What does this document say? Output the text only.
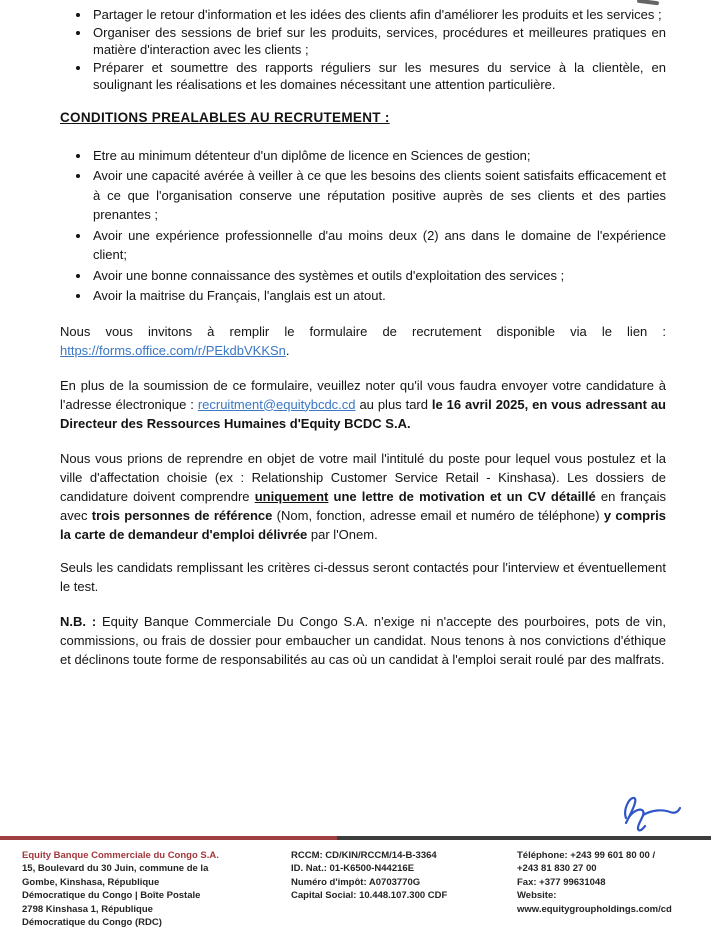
• Partager le retour d'information et les idées des clients afin d'améliorer les produits et les services ;
• Organiser des sessions de brief sur les produits, services, procédures et meilleures pratiques en matière d'interaction avec les clients ;
• Préparer et soumettre des rapports réguliers sur les mesures du service à la clientèle, en soulignant les réalisations et les domaines nécessitant une attention particulière.
CONDITIONS PREALABLES AU RECRUTEMENT :
• Etre au minimum détenteur d'un diplôme de licence en Sciences de gestion;
• Avoir une capacité avérée à veiller à ce que les besoins des clients soient satisfaits efficacement et à ce que l'organisation conserve une réputation positive auprès de ses clients et des parties prenantes ;
• Avoir une expérience professionnelle d'au moins deux (2) ans dans le domaine de l'expérience client;
• Avoir une bonne connaissance des systèmes et outils d'exploitation des services ;
• Avoir la maitrise du Français, l'anglais est un atout.

Nous vous invitons à remplir le formulaire de recrutement disponible via le lien : https://forms.office.com/r/PEkdbVKKSn.

En plus de la soumission de ce formulaire, veuillez noter qu'il vous faudra envoyer votre candidature à l'adresse électronique : recruitment@equitybcdc.cd au plus tard le 16 avril 2025, en vous adressant au Directeur des Ressources Humaines d'Equity BCDC S.A.

Nous vous prions de reprendre en objet de votre mail l'intitulé du poste pour lequel vous postulez et la ville d'affectation choisie (ex : Relationship Customer Service Retail - Kinshasa). Les dossiers de candidature doivent comprendre uniquement une lettre de motivation et un CV détaillé en français avec trois personnes de référence (Nom, fonction, adresse email et numéro de téléphone) y compris la carte de demandeur d'emploi délivrée par l'Onem.

Seuls les candidats remplissant les critères ci-dessus seront contactés pour l'interview et éventuellement le test.

N.B. : Equity Banque Commerciale Du Congo S.A. n'exige ni n'accepte des pourboires, pots de vin, commissions, ou frais de dossier pour embaucher un candidat. Nous tenons à nos convictions d'éthique et déclinons toute forme de responsabilités au cas où un candidat à l'emploi serait roulé par des malfrats.

Equity Banque Commerciale du Congo S.A.
15, Boulevard du 30 Juin, commune de la
Gombe, Kinshasa, République
Démocratique du Congo | Boîte Postale
2798 Kinshasa 1, République
Démocratique du Congo (RDC)
RCCM: CD/KIN/RCCM/14-B-3364
ID. Nat.: 01-K6500-N44216E
Numéro d'impôt: A0703770G
Capital Social: 10.448.107.300 CDF
Téléphone: +243 99 601 80 00 /
+243 81 830 27 00
Fax: +377 99631048
Website:
www.equitygroupholdings.com/cd
